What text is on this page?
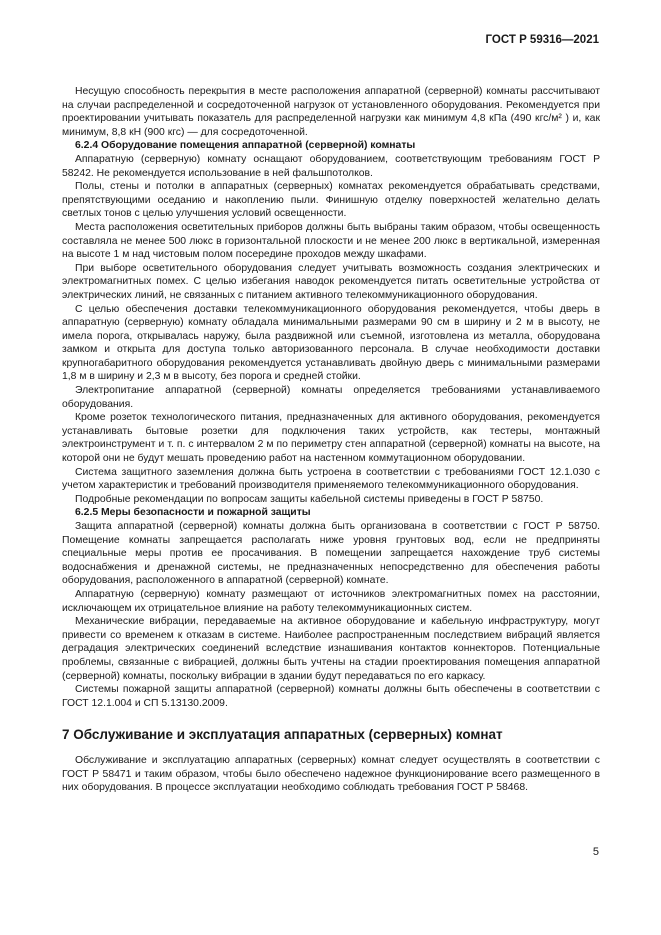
ГОСТ Р 59316—2021

Несущую способность перекрытия в месте расположения аппаратной (серверной) комнаты рассчитывают на случаи распределенной и сосредоточенной нагрузок от установленного оборудования. Рекомендуется при проектировании учитывать показатель для распределенной нагрузки как минимум 4,8 кПа (490 кгс/м² ) и, как минимум, 8,8 кН (900 кгс) — для сосредоточенной.

6.2.4 Оборудование помещения аппаратной (серверной) комнаты

Аппаратную (серверную) комнату оснащают оборудованием, соответствующим требованиям ГОСТ Р 58242. Не рекомендуется использование в ней фальшпотолков.

Полы, стены и потолки в аппаратных (серверных) комнатах рекомендуется обрабатывать средствами, препятствующими оседанию и накоплению пыли. Финишную отделку поверхностей желательно делать светлых тонов с целью улучшения условий освещенности.

Места расположения осветительных приборов должны быть выбраны таким образом, чтобы освещенность составляла не менее 500 люкс в горизонтальной плоскости и не менее 200 люкс в вертикальной, измеренная на высоте 1 м над чистовым полом посередине проходов между шкафами.

При выборе осветительного оборудования следует учитывать возможность создания электрических и электромагнитных помех. С целью избегания наводок рекомендуется питать осветительные устройства от электрических линий, не связанных с питанием активного телекоммуникационного оборудования.

С целью обеспечения доставки телекоммуникационного оборудования рекомендуется, чтобы дверь в аппаратную (серверную) комнату обладала минимальными размерами 90 см в ширину и 2 м в высоту, не имела порога, открывалась наружу, была раздвижной или съемной, изготовлена из металла, оборудована замком и открыта для доступа только авторизованного персонала. В случае необходимости доставки крупногабаритного оборудования рекомендуется устанавливать двойную дверь с минимальными размерами 1,8 м в ширину и 2,3 м в высоту, без порога и средней стойки.

Электропитание аппаратной (серверной) комнаты определяется требованиями устанавливаемого оборудования.

Кроме розеток технологического питания, предназначенных для активного оборудования, рекомендуется устанавливать бытовые розетки для подключения таких устройств, как тестеры, монтажный электроинструмент и т. п. с интервалом 2 м по периметру стен аппаратной (серверной) комнаты на высоте, на которой они не будут мешать проведению работ на настенном коммутационном оборудовании.

Система защитного заземления должна быть устроена в соответствии с требованиями ГОСТ 12.1.030 с учетом характеристик и требований производителя применяемого телекоммуникационного оборудования.

Подробные рекомендации по вопросам защиты кабельной системы приведены в ГОСТ Р 58750.

6.2.5 Меры безопасности и пожарной защиты

Защита аппаратной (серверной) комнаты должна быть организована в соответствии с ГОСТ Р 58750. Помещение комнаты запрещается располагать ниже уровня грунтовых вод, если не предприняты специальные меры против ее просачивания. В помещении запрещается нахождение труб системы водоснабжения и дренажной системы, не предназначенных непосредственно для обеспечения работы оборудования, расположенного в аппаратной (серверной) комнате.

Аппаратную (серверную) комнату размещают от источников электромагнитных помех на расстоянии, исключающем их отрицательное влияние на работу телекоммуникационных систем.

Механические вибрации, передаваемые на активное оборудование и кабельную инфраструктуру, могут привести со временем к отказам в системе. Наиболее распространенным последствием вибраций является деградация электрических соединений вследствие изнашивания контактов коннекторов. Потенциальные проблемы, связанные с вибрацией, должны быть учтены на стадии проектирования помещения аппаратной (серверной) комнаты, поскольку вибрации в здании будут передаваться по его каркасу.

Системы пожарной защиты аппаратной (серверной) комнаты должны быть обеспечены в соответствии с ГОСТ 12.1.004 и СП 5.13130.2009.

7 Обслуживание и эксплуатация аппаратных (серверных) комнат

Обслуживание и эксплуатацию аппаратных (серверных) комнат следует осуществлять в соответствии с ГОСТ Р 58471 и таким образом, чтобы было обеспечено надежное функционирование всего размещенного в них оборудования. В процессе эксплуатации необходимо соблюдать требования ГОСТ Р 58468.

5
